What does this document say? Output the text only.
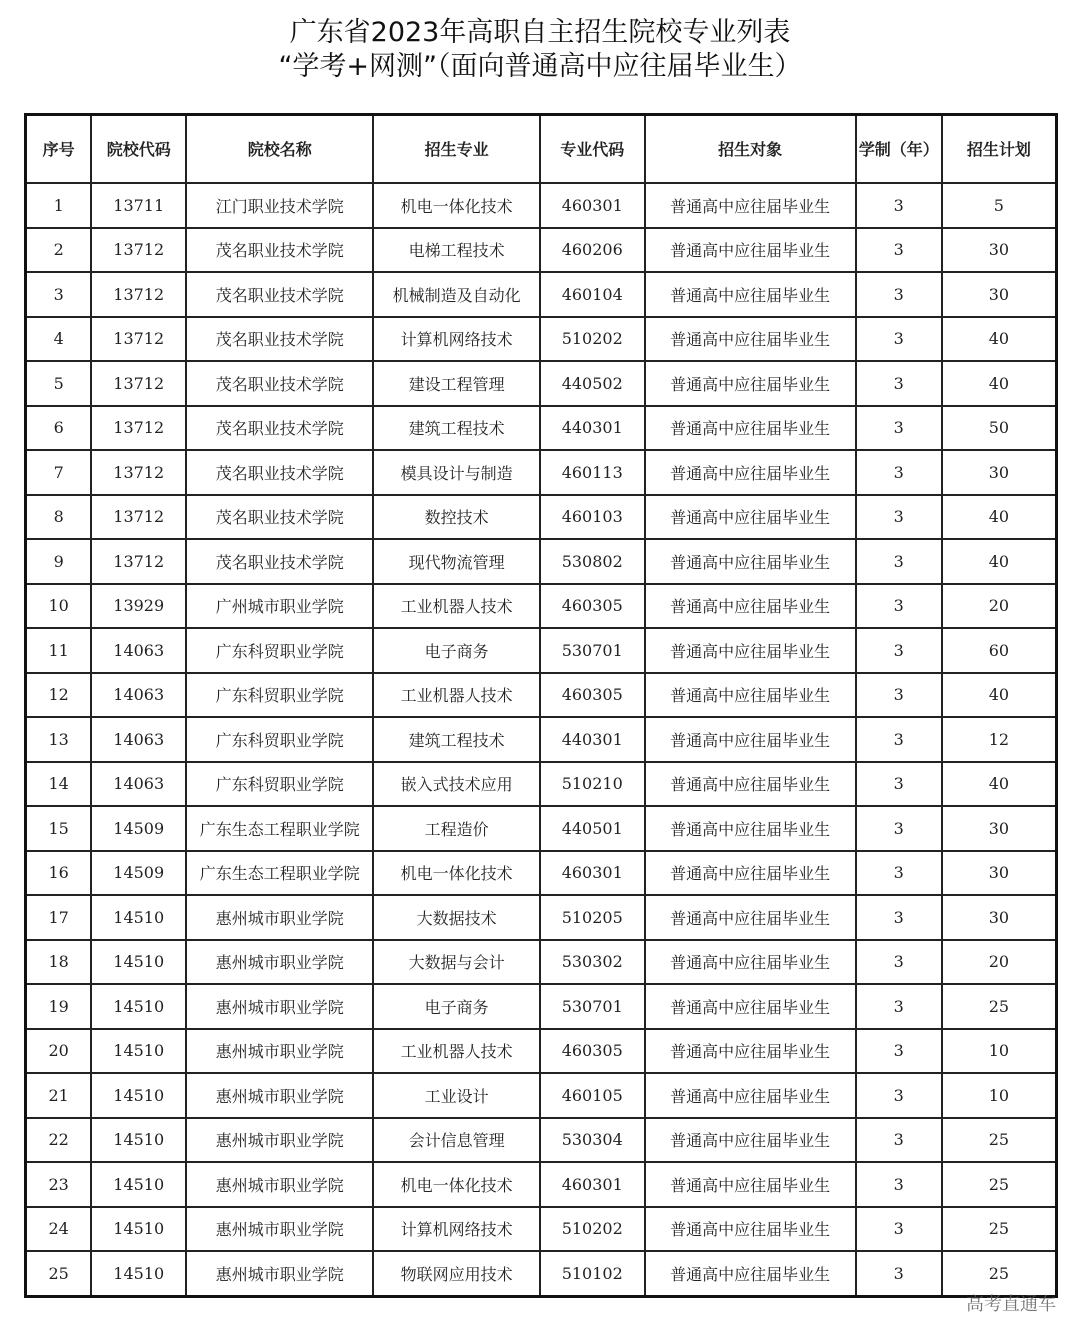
广东省2023年高职自主招生院校专业列表
“学考+网测”（面向普通高中应往届毕业生）
序号	院校代码	院校名称	招生专业	专业代码	招生对象	学制（年）	招生计划
1	13711	江门职业技术学院	机电一体化技术	460301	普通高中应往届毕业生	3	5
2	13712	茂名职业技术学院	电梯工程技术	460206	普通高中应往届毕业生	3	30
3	13712	茂名职业技术学院	机械制造及自动化	460104	普通高中应往届毕业生	3	30
4	13712	茂名职业技术学院	计算机网络技术	510202	普通高中应往届毕业生	3	40
5	13712	茂名职业技术学院	建设工程管理	440502	普通高中应往届毕业生	3	40
6	13712	茂名职业技术学院	建筑工程技术	440301	普通高中应往届毕业生	3	50
7	13712	茂名职业技术学院	模具设计与制造	460113	普通高中应往届毕业生	3	30
8	13712	茂名职业技术学院	数控技术	460103	普通高中应往届毕业生	3	40
9	13712	茂名职业技术学院	现代物流管理	530802	普通高中应往届毕业生	3	40
10	13929	广州城市职业学院	工业机器人技术	460305	普通高中应往届毕业生	3	20
11	14063	广东科贸职业学院	电子商务	530701	普通高中应往届毕业生	3	60
12	14063	广东科贸职业学院	工业机器人技术	460305	普通高中应往届毕业生	3	40
13	14063	广东科贸职业学院	建筑工程技术	440301	普通高中应往届毕业生	3	12
14	14063	广东科贸职业学院	嵌入式技术应用	510210	普通高中应往届毕业生	3	40
15	14509	广东生态工程职业学院	工程造价	440501	普通高中应往届毕业生	3	30
16	14509	广东生态工程职业学院	机电一体化技术	460301	普通高中应往届毕业生	3	30
17	14510	惠州城市职业学院	大数据技术	510205	普通高中应往届毕业生	3	30
18	14510	惠州城市职业学院	大数据与会计	530302	普通高中应往届毕业生	3	20
19	14510	惠州城市职业学院	电子商务	530701	普通高中应往届毕业生	3	25
20	14510	惠州城市职业学院	工业机器人技术	460305	普通高中应往届毕业生	3	10
21	14510	惠州城市职业学院	工业设计	460105	普通高中应往届毕业生	3	10
22	14510	惠州城市职业学院	会计信息管理	530304	普通高中应往届毕业生	3	25
23	14510	惠州城市职业学院	机电一体化技术	460301	普通高中应往届毕业生	3	25
24	14510	惠州城市职业学院	计算机网络技术	510202	普通高中应往届毕业生	3	25
25	14510	惠州城市职业学院	物联网应用技术	510102	普通高中应往届毕业生	3	25
高考直通车
